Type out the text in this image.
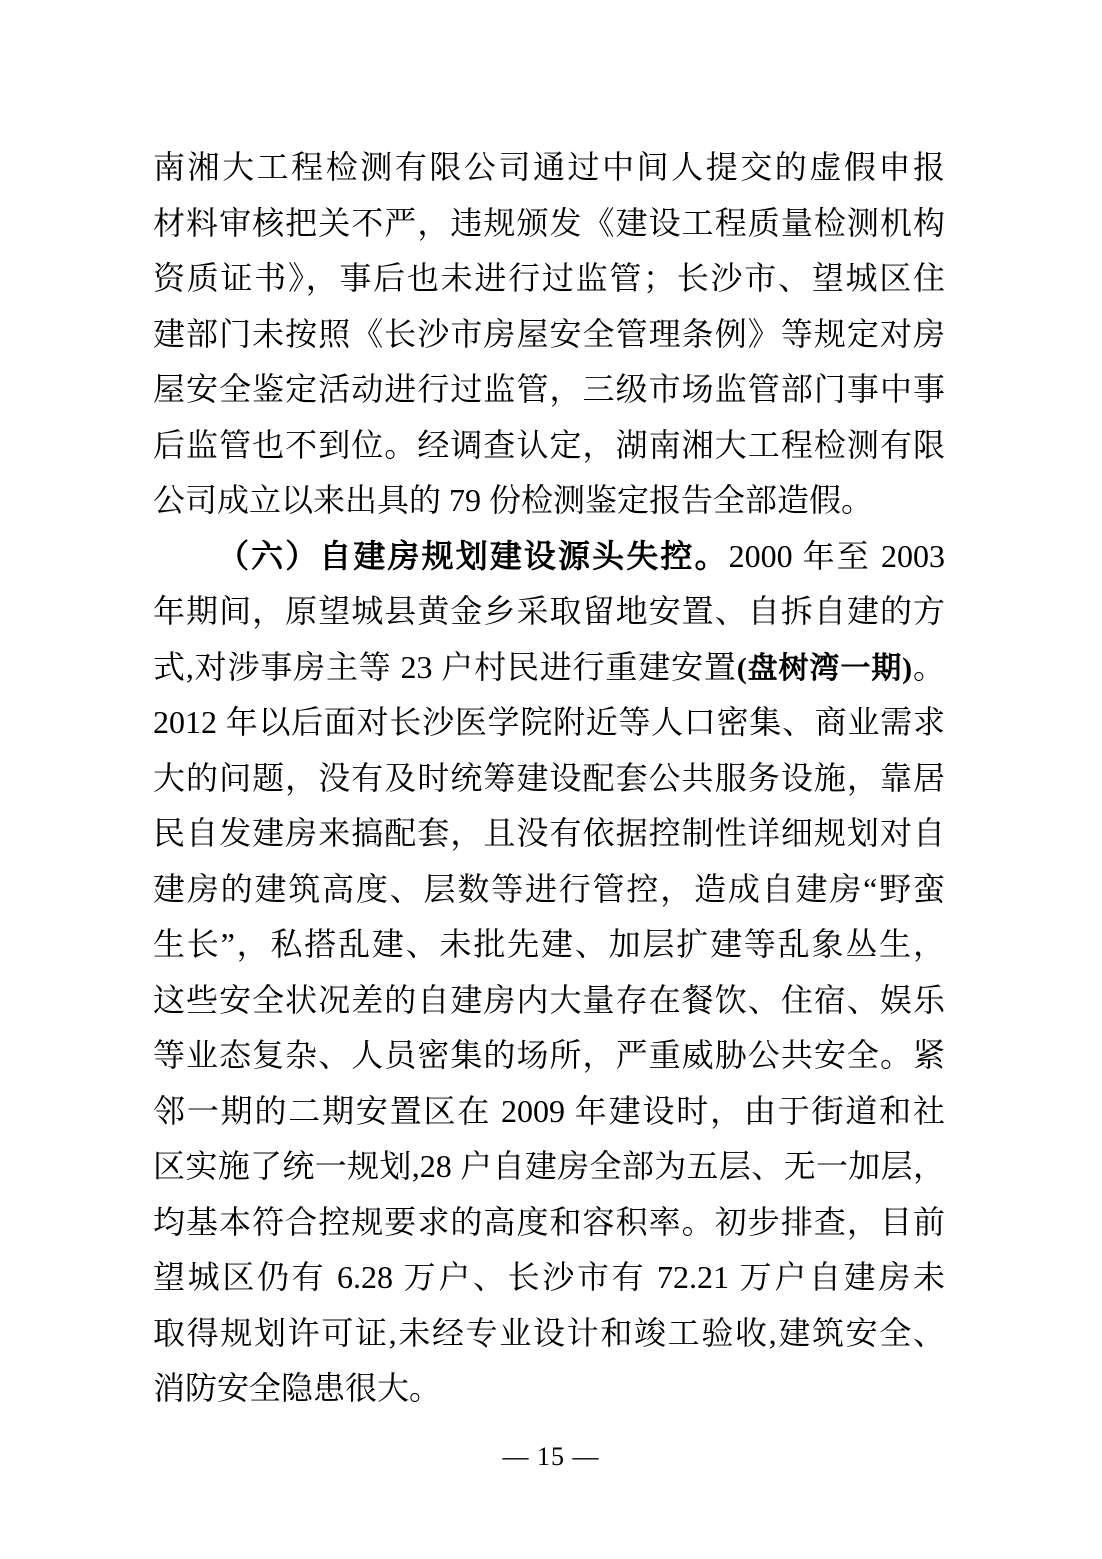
南湘大工程检测有限公司通过中间人提交的虚假申报
材料审核把关不严，违规颁发《建设工程质量检测机构
资质证书》，事后也未进行过监管；长沙市、望城区住
建部门未按照《长沙市房屋安全管理条例》等规定对房
屋安全鉴定活动进行过监管，三级市场监管部门事中事
后监管也不到位。经调查认定，湖南湘大工程检测有限
公司成立以来出具的 79 份检测鉴定报告全部造假。
（六）自建房规划建设源头失控。2000 年至 2003
年期间，原望城县黄金乡采取留地安置、自拆自建的方
式,对涉事房主等 23 户村民进行重建安置(盘树湾一期)。
2012 年以后面对长沙医学院附近等人口密集、商业需求
大的问题，没有及时统筹建设配套公共服务设施，靠居
民自发建房来搞配套，且没有依据控制性详细规划对自
建房的建筑高度、层数等进行管控，造成自建房“野蛮
生长”，私搭乱建、未批先建、加层扩建等乱象丛生，
这些安全状况差的自建房内大量存在餐饮、住宿、娱乐
等业态复杂、人员密集的场所，严重威胁公共安全。紧
邻一期的二期安置区在 2009 年建设时，由于街道和社
区实施了统一规划,28 户自建房全部为五层、无一加层，
均基本符合控规要求的高度和容积率。初步排查，目前
望城区仍有 6.28 万户、长沙市有 72.21 万户自建房未
取得规划许可证,未经专业设计和竣工验收,建筑安全、
消防安全隐患很大。
— 15 —
